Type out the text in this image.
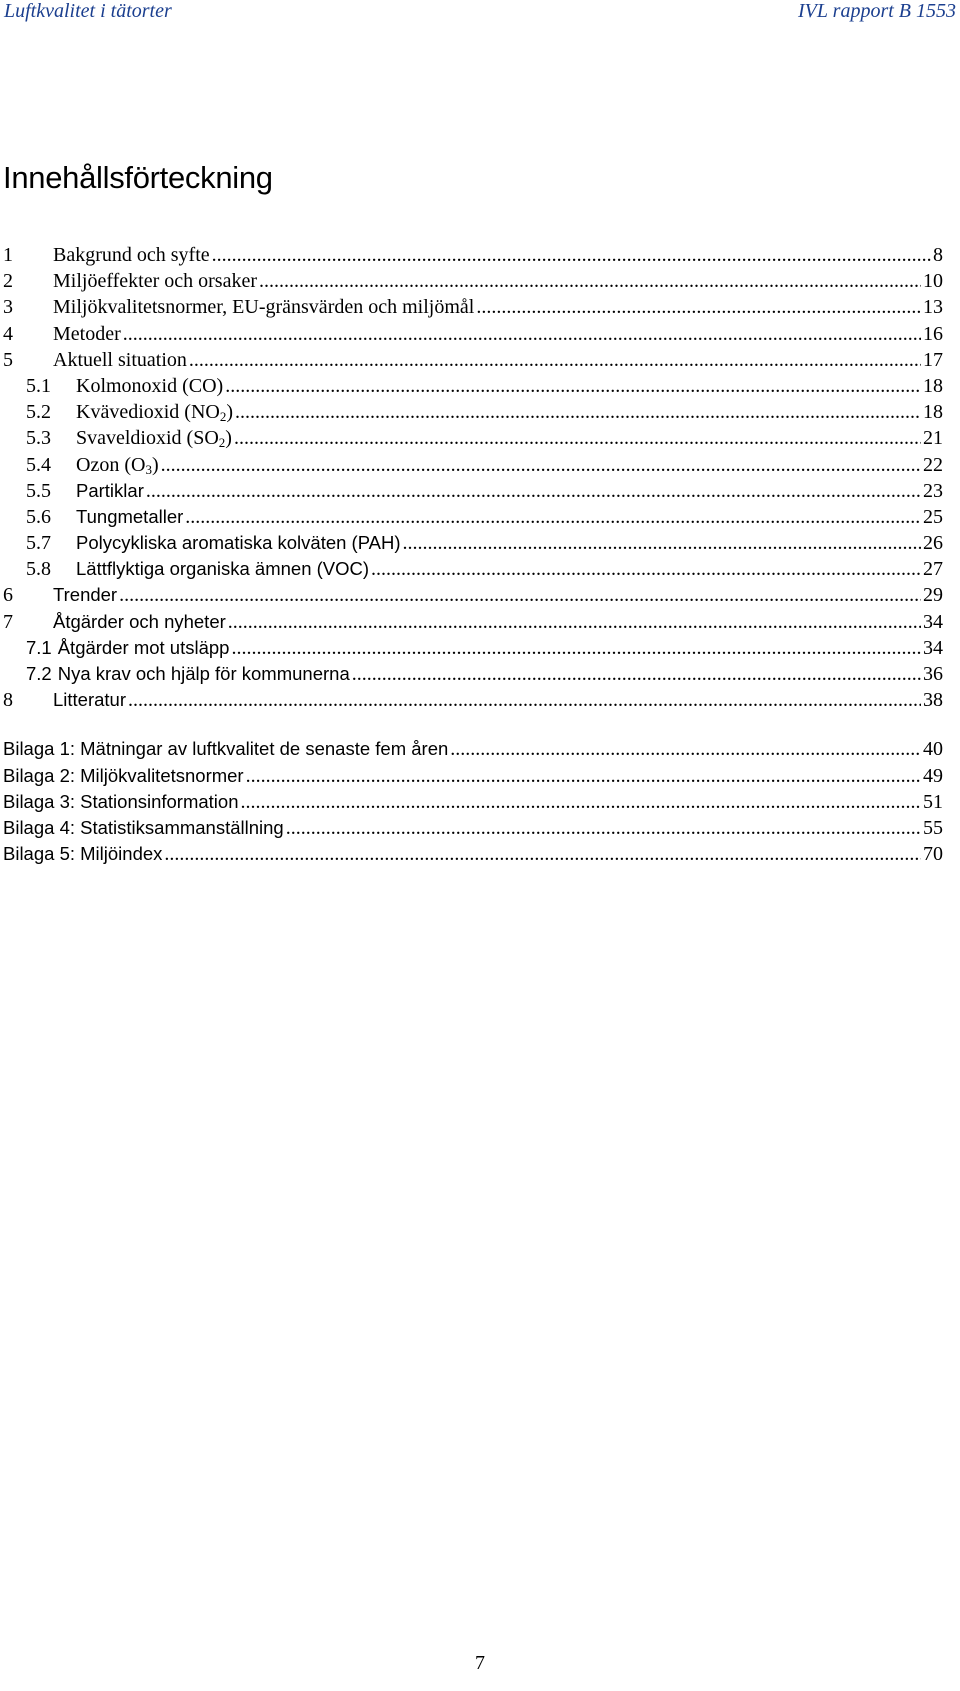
Luftkvalitet i tätorter	IVL rapport B 1553
Innehållsförteckning
1	Bakgrund och syfte .....	8
2	Miljöeffekter och orsaker .....	10
3	Miljökvalitetsnormer, EU-gränsvärden och miljömål .....	13
4	Metoder .....	16
5	Aktuell situation .....	17
5.1	Kolmonoxid (CO) .....	18
5.2	Kvävedioxid $(NO_2)$ .....	18
5.3	Svaveldioxid $(SO_2)$ .....	21
5.4	Ozon $(O_3)$ .....	22
5.5	Partiklar .....	23
5.6	Tungmetaller .....	25
5.7	Polycykliska aromatiska kolväten (PAH) .....	26
5.8	Lättflyktiga organiska ämnen (VOC) .....	27
6	Trender .....	29
7	Åtgärder och nyheter .....	34
7.1 Åtgärder mot utsläpp .....	34
7.2 Nya krav och hjälp för kommunerna .....	36
8	Litteratur .....	38
Bilaga 1: Mätningar av luftkvalitet de senaste fem åren .....	40
Bilaga 2: Miljökvalitetsnormer .....	49
Bilaga 3: Stationsinformation .....	51
Bilaga 4: Statistiksammanställning .....	55
Bilaga 5: Miljöindex .....	70
7
